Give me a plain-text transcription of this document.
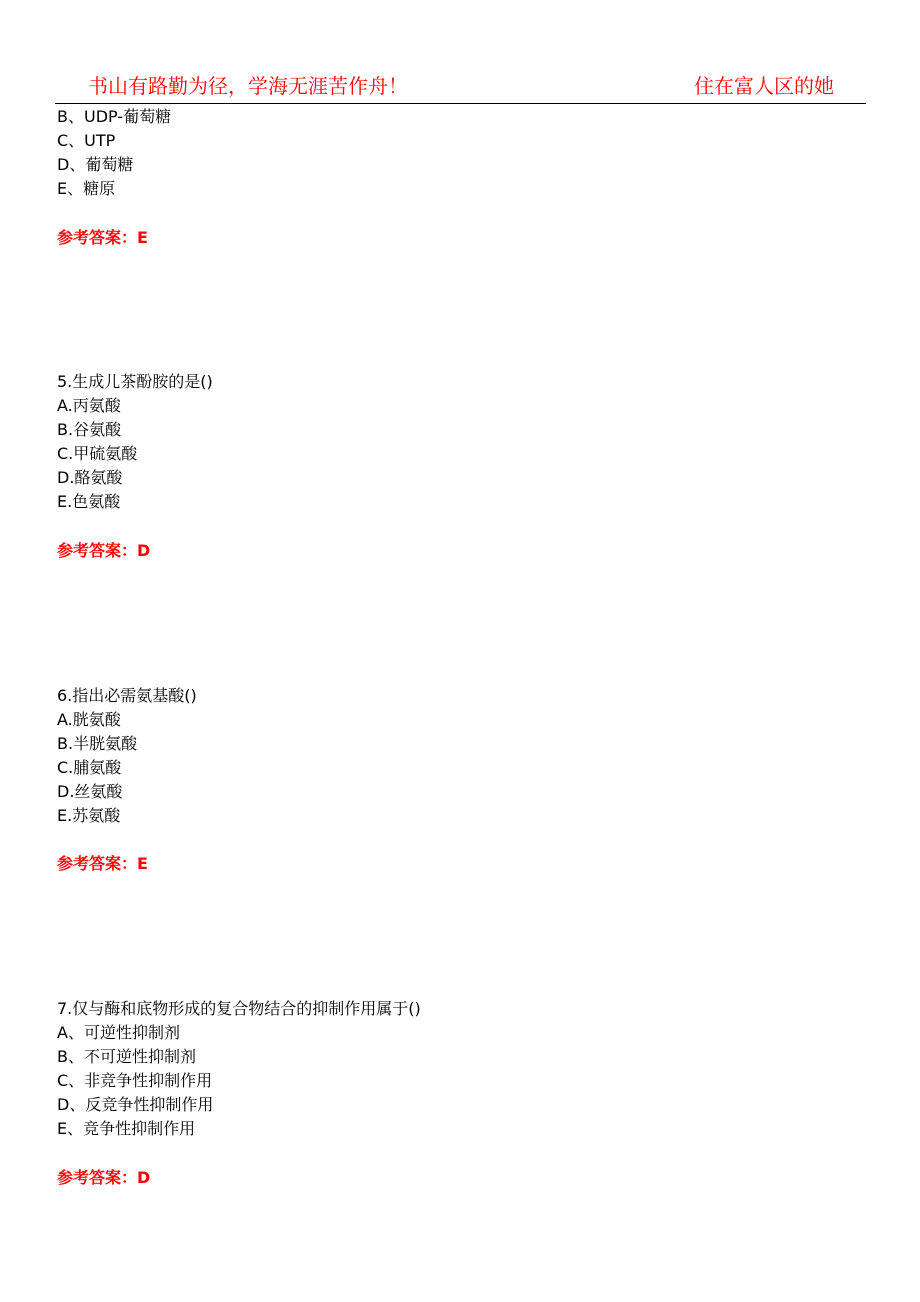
书山有路勤为径，学海无涯苦作舟！	住在富人区的她
B、UDP-葡萄糖
C、UTP
D、葡萄糖
E、糖原
参考答案：E
5.生成儿茶酚胺的是()
A.丙氨酸
B.谷氨酸
C.甲硫氨酸
D.酪氨酸
E.色氨酸
参考答案：D
6.指出必需氨基酸()
A.胱氨酸
B.半胱氨酸
C.脯氨酸
D.丝氨酸
E.苏氨酸
参考答案：E
7.仅与酶和底物形成的复合物结合的抑制作用属于()
A、可逆性抑制剂
B、不可逆性抑制剂
C、非竞争性抑制作用
D、反竞争性抑制作用
E、竞争性抑制作用
参考答案：D
